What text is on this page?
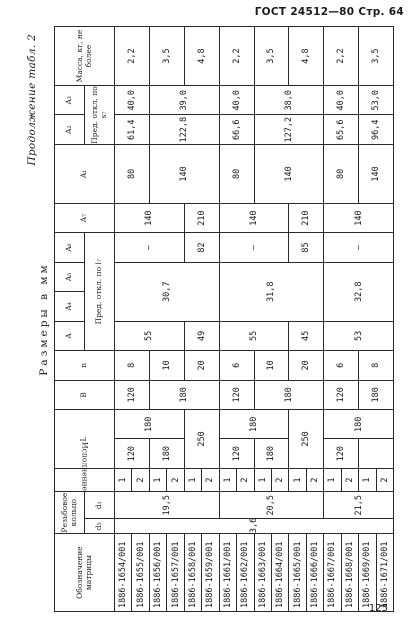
ГОСТ 24512—80 Стр. 64
Продолжение табл. 2
Размеры в мм
Обозначение матрицы	Резьбовое кольцо		Исполнение	L		B	n	A	A₄	A₅	A₆	A₇	A₁	A₂	A₃	Масса, кг, не более
	d₅	d₁						Пред. откл. по l₇						Пред. откл. по s₇		
1886-1654/001	3,6	19,5	1	120	180	120	8	55	30,7		—	140	80	61,4	40,0	2,2
1886-1655/001			2													
1886-1656/001			1	180		180	10						140	122,8	39,0	3,5
1886-1657/001			2													
1886-1658/001			1	250			20	49			82	210				4,8
1886-1659/001			2													
1886-1661/001		20,5	1	120	180	120	6	55	31,8		—	140	80	66,6	40,0	2,2
1886-1662/001			2													
1886-1663/001			1	180		180	10						140	127,2	38,0	3,5
1886-1664/001			2													
1886-1665/001			1	250			20	45			85	210				4,8
1886-1666/001			2													
1886-1667/001		21,5	1	120	180	120	6	53	32,8		—	140	80	65,6	40,0	2,2
1886-1668/001			2													
1886-1669/001			1			180	8						140	96,4	53,0	3,5
1886-1671/001			2													
125
